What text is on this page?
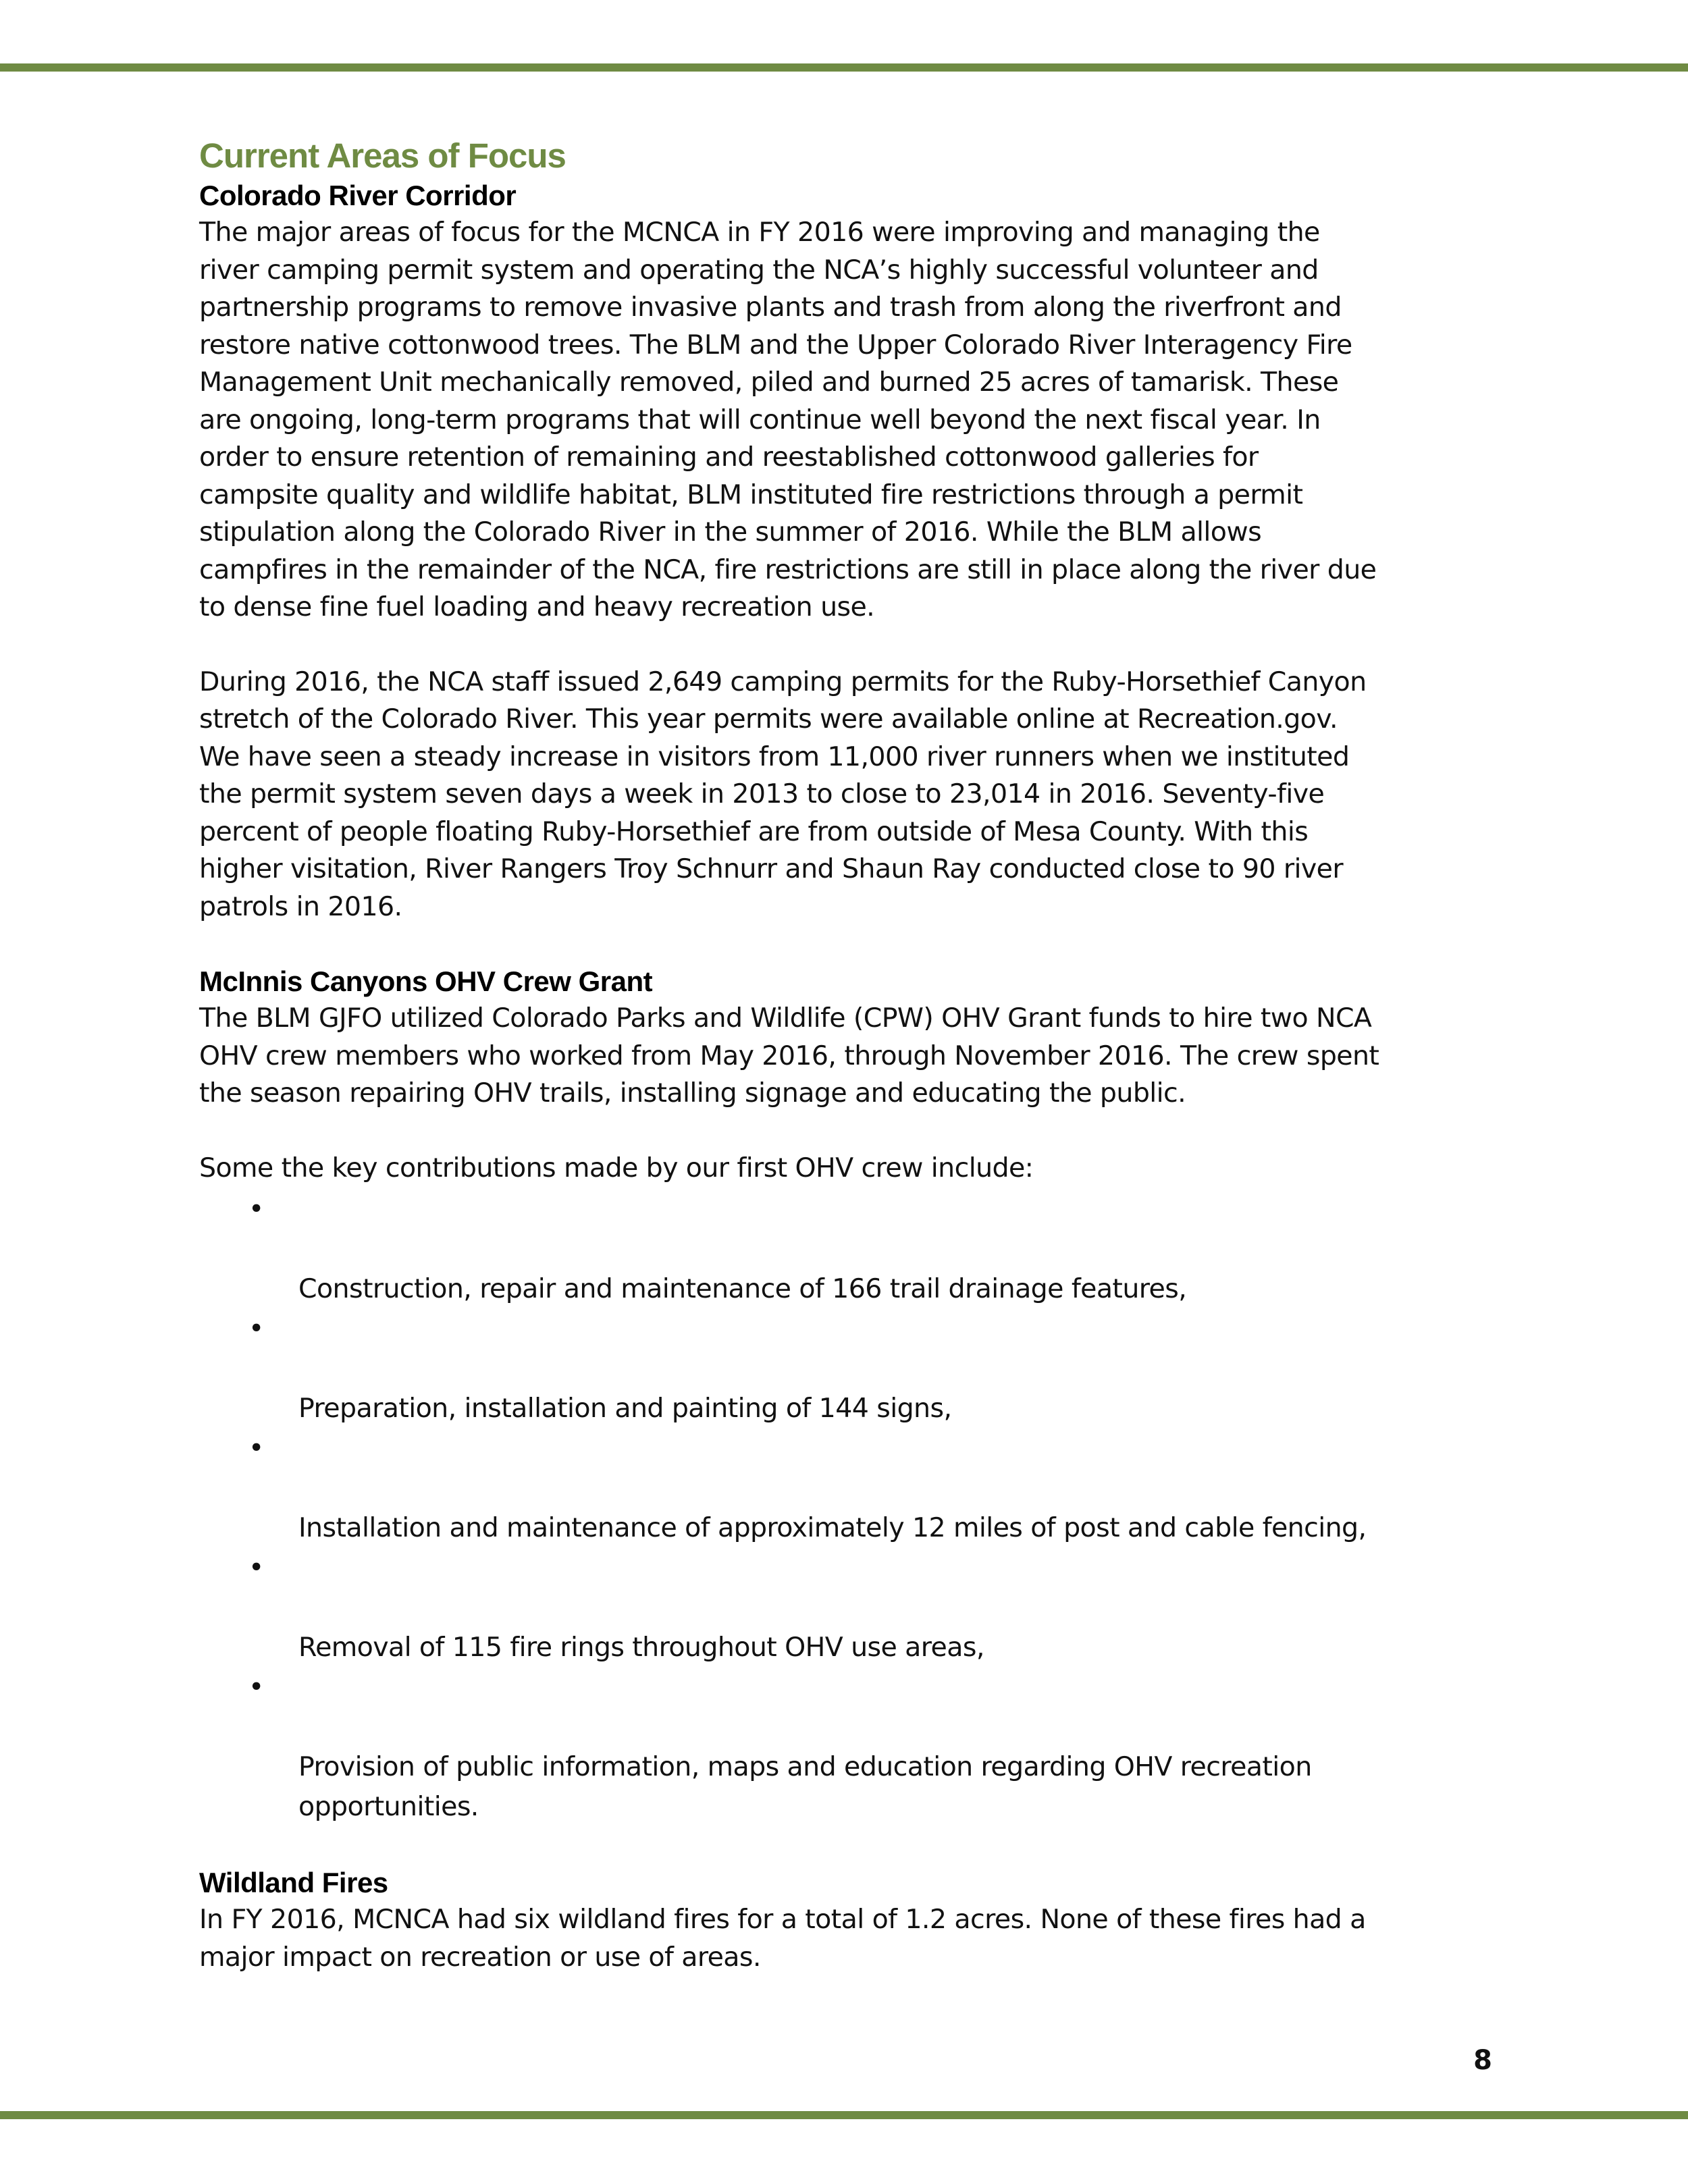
Current Areas of Focus
Colorado River Corridor

The major areas of focus for the MCNCA in FY 2016 were improving and managing the
river camping permit system and operating the NCA’s highly successful volunteer and
partnership programs to remove invasive plants and trash from along the riverfront and
restore native cottonwood trees. The BLM and the Upper Colorado River Interagency Fire
Management Unit mechanically removed, piled and burned 25 acres of tamarisk. These
are ongoing, long-term programs that will continue well beyond the next fiscal year. In
order to ensure retention of remaining and reestablished cottonwood galleries for
campsite quality and wildlife habitat, BLM instituted fire restrictions through a permit
stipulation along the Colorado River in the summer of 2016. While the BLM allows
campfires in the remainder of the NCA, fire restrictions are still in place along the river due
to dense fine fuel loading and heavy recreation use.

During 2016, the NCA staff issued 2,649 camping permits for the Ruby-Horsethief Canyon
stretch of the Colorado River. This year permits were available online at Recreation.gov.
We have seen a steady increase in visitors from 11,000 river runners when we instituted
the permit system seven days a week in 2013 to close to 23,014 in 2016. Seventy-five
percent of people floating Ruby-Horsethief are from outside of Mesa County. With this
higher visitation, River Rangers Troy Schnurr and Shaun Ray conducted close to 90 river
patrols in 2016.

McInnis Canyons OHV Crew Grant

The BLM GJFO utilized Colorado Parks and Wildlife (CPW) OHV Grant funds to hire two NCA
OHV crew members who worked from May 2016, through November 2016. The crew spent
the season repairing OHV trails, installing signage and educating the public.

Some the key contributions made by our first OHV crew include:

•

Construction, repair and maintenance of 166 trail drainage features,

•

Preparation, installation and painting of 144 signs,

•

Installation and maintenance of approximately 12 miles of post and cable fencing,

•

Removal of 115 fire rings throughout OHV use areas,

•

Provision of public information, maps and education regarding OHV recreation
opportunities.

Wildland Fires

In FY 2016, MCNCA had six wildland fires for a total of 1.2 acres. None of these fires had a
major impact on recreation or use of areas.

8
